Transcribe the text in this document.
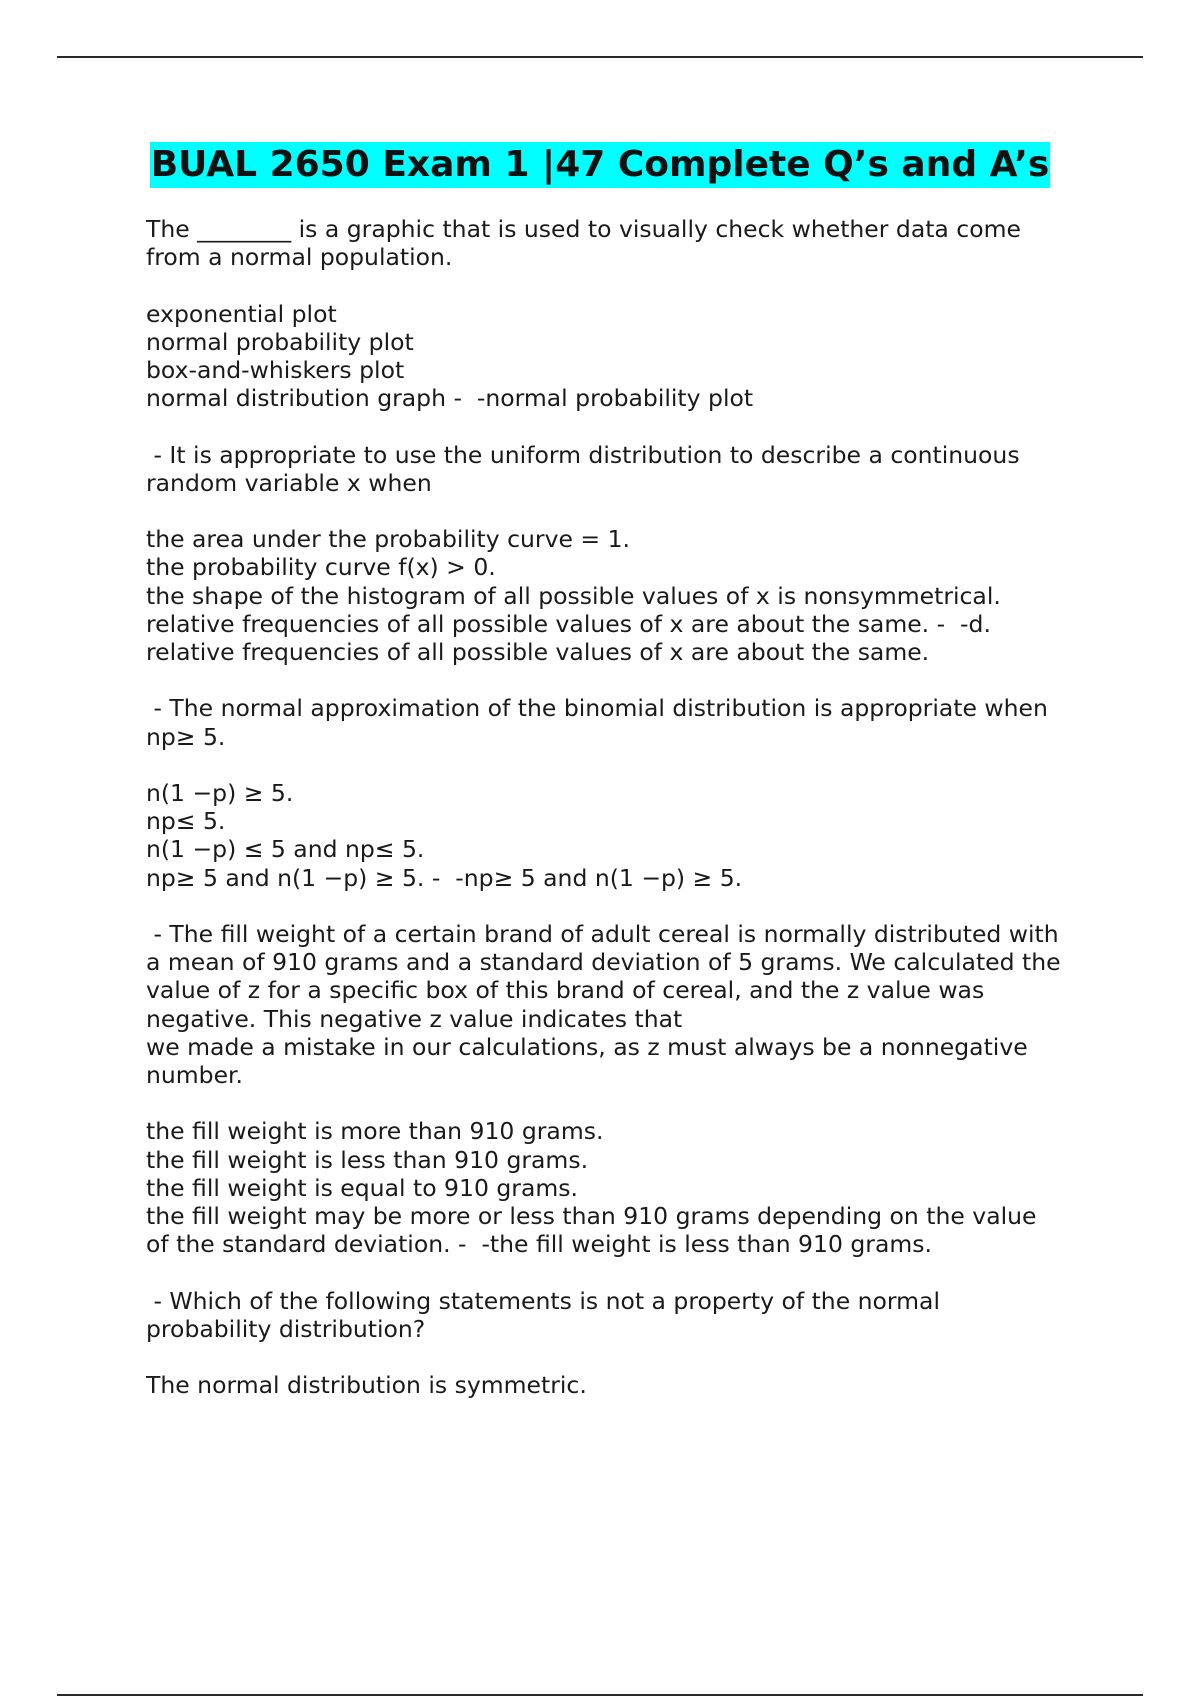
BUAL 2650 Exam 1 |47 Complete Q’s and A’s
The ________ is a graphic that is used to visually check whether data come
from a normal population.
exponential plot
normal probability plot
box-and-whiskers plot
normal distribution graph -  -normal probability plot
- It is appropriate to use the uniform distribution to describe a continuous
random variable x when
the area under the probability curve = 1.
the probability curve f(x) > 0.
the shape of the histogram of all possible values of x is nonsymmetrical.
relative frequencies of all possible values of x are about the same. -  -d.
relative frequencies of all possible values of x are about the same.
- The normal approximation of the binomial distribution is appropriate when
np≥ 5.
n(1 −p) ≥ 5.
np≤ 5.
n(1 −p) ≤ 5 and np≤ 5.
np≥ 5 and n(1 −p) ≥ 5. -  -np≥ 5 and n(1 −p) ≥ 5.
- The fill weight of a certain brand of adult cereal is normally distributed with
a mean of 910 grams and a standard deviation of 5 grams. We calculated the
value of z for a specific box of this brand of cereal, and the z value was
negative. This negative z value indicates that
we made a mistake in our calculations, as z must always be a nonnegative
number.
the fill weight is more than 910 grams.
the fill weight is less than 910 grams.
the fill weight is equal to 910 grams.
the fill weight may be more or less than 910 grams depending on the value
of the standard deviation. -  -the fill weight is less than 910 grams.
- Which of the following statements is not a property of the normal
probability distribution?
The normal distribution is symmetric.
